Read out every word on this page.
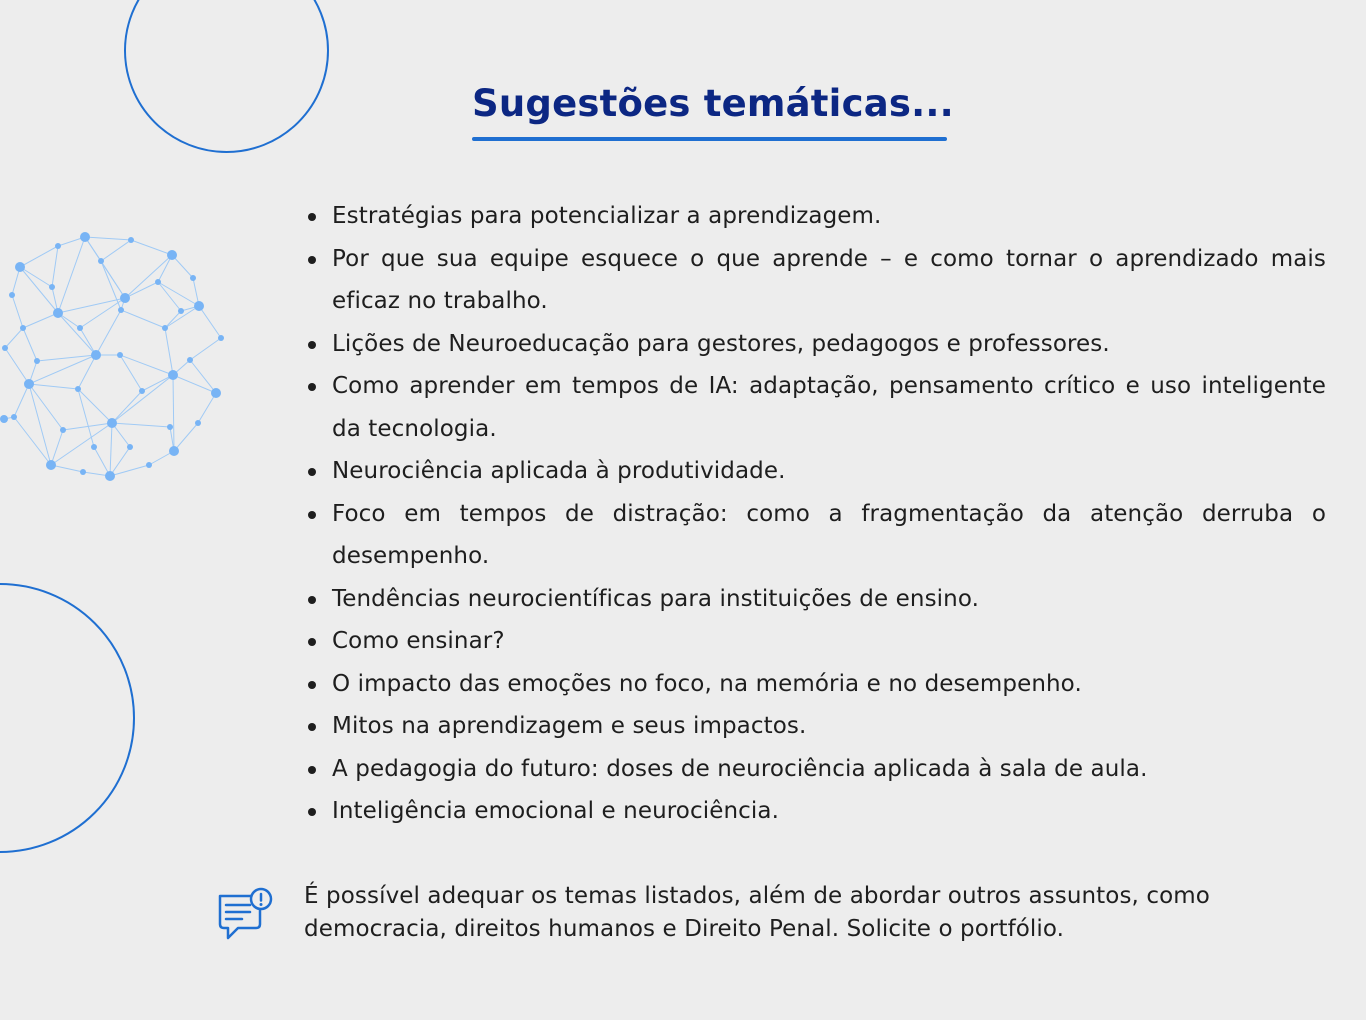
Sugestões temáticas...
Estratégias para potencializar a aprendizagem.
Por que sua equipe esquece o que aprende – e como tornar o aprendizado mais eficaz no trabalho.
Lições de Neuroeducação para gestores, pedagogos e professores.
Como aprender em tempos de IA: adaptação, pensamento crítico e uso inteligente da tecnologia.
Neurociência aplicada à produtividade.
Foco em tempos de distração: como a fragmentação da atenção derruba o desempenho.
Tendências neurocientíficas para instituições de ensino.
Como ensinar?
O impacto das emoções no foco, na memória e no desempenho.
Mitos na aprendizagem e seus impactos.
A pedagogia do futuro: doses de neurociência aplicada à sala de aula.
Inteligência emocional e neurociência.

É possível adequar os temas listados, além de abordar outros assuntos, como democracia, direitos humanos e Direito Penal. Solicite o portfólio.
